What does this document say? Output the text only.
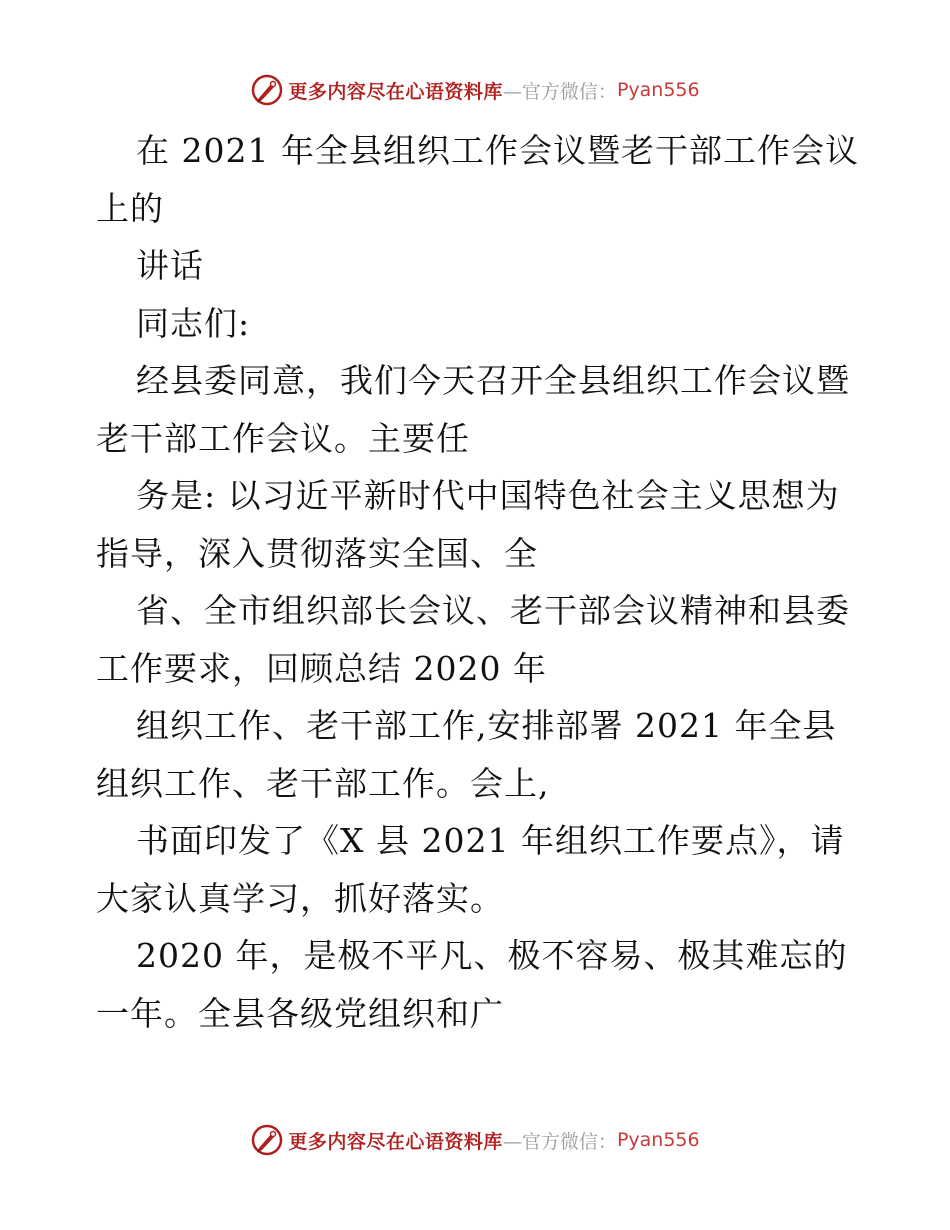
更多内容尽在心语资料库 —官方微信： Pyan556
在 2021 年全县组织工作会议暨老干部工作会议
上的
讲话
同志们:
经县委同意，我们今天召开全县组织工作会议暨
老干部工作会议。主要任
务是: 以习近平新时代中国特色社会主义思想为
指导，深入贯彻落实全国、全
省、全市组织部长会议、老干部会议精神和县委
工作要求，回顾总结 2020 年
组织工作、老干部工作,安排部署 2021 年全县
组织工作、老干部工作。会上,
书面印发了《X 县 2021 年组织工作要点》，请
大家认真学习，抓好落实。
2020 年，是极不平凡、极不容易、极其难忘的
一年。全县各级党组织和广
更多内容尽在心语资料库 —官方微信： Pyan556
